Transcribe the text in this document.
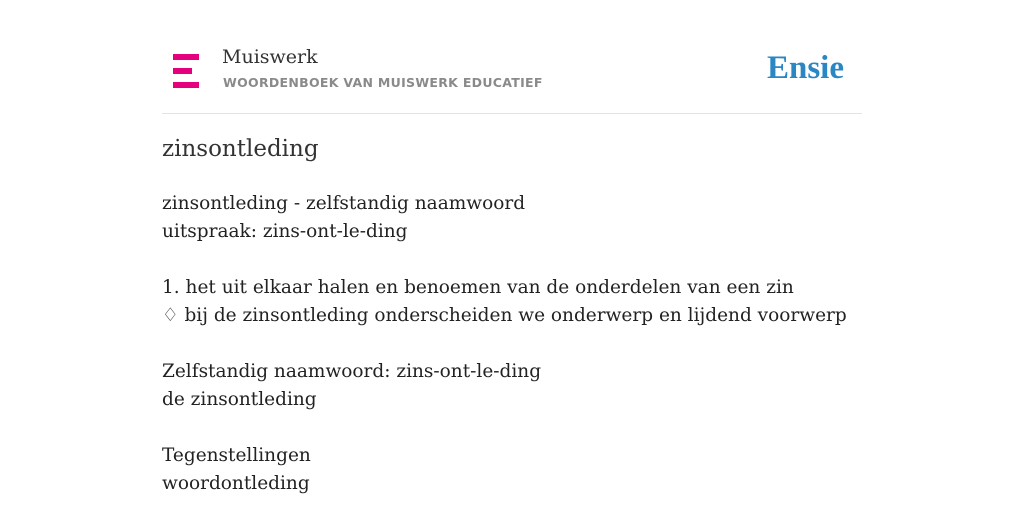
Muiswerk
WOORDENBOEK VAN MUISWERK EDUCATIEF	Ensie
zinsontleding
zinsontleding - zelfstandig naamwoord
uitspraak: zins-ont-le-ding
1. het uit elkaar halen en benoemen van de onderdelen van een zin
♢ bij de zinsontleding onderscheiden we onderwerp en lijdend voorwerp
Zelfstandig naamwoord: zins-ont-le-ding
de zinsontleding
Tegenstellingen
woordontleding
